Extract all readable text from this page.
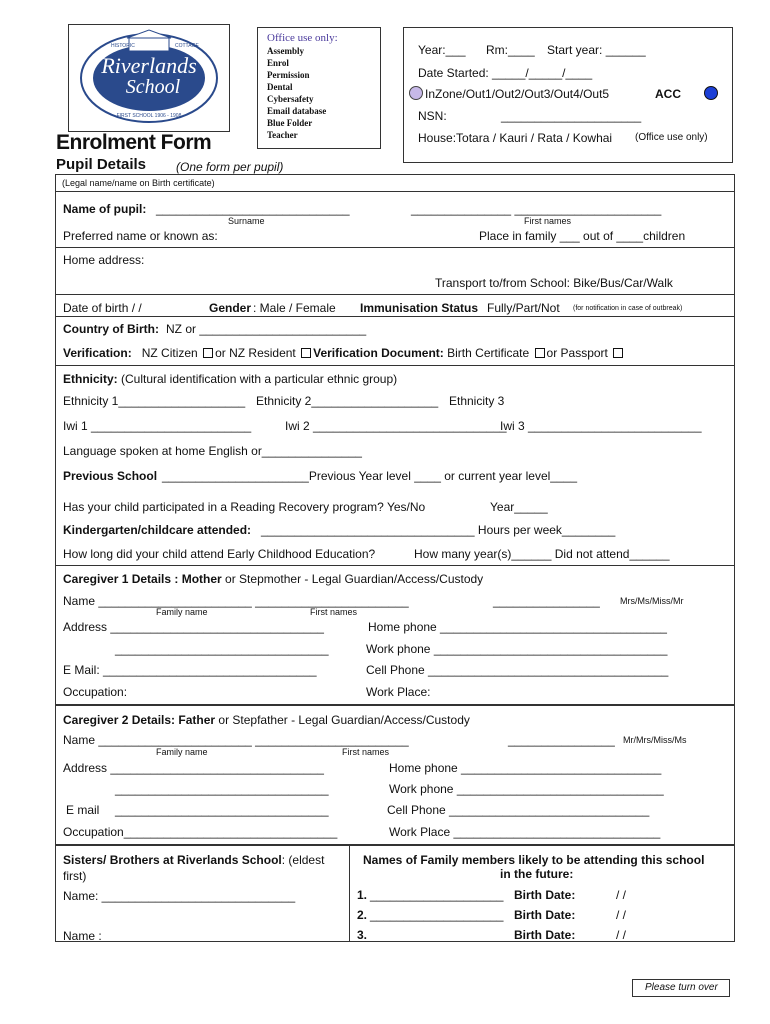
Riverlands
School
FIRST SCHOOL 1906 - 1908
HISTORIC	COTTAGE
Office use only:
Assembly
Enrol
Permission
Dental
Cybersafety
Email database
Blue Folder
Teacher
Year:___ Rm:____ Start year: ______
Date Started: _____/_____/____
InZone/Out1/Out2/Out3/Out4/Out5	ACC
NSN:	_____________________
House:Totara / Kauri / Rata / Kowhai (Office use only)
Enrolment Form
Pupil Details (One form per pupil)
(Legal name/name on Birth certificate)
Name of pupil: _____________________________	_______________ ______________________
Surname	First names
Preferred name or known as:	Place in family ___ out of ____children
Home address:
Transport to/from School: Bike/Bus/Car/Walk
Date of birth / /	Gender : Male / Female Immunisation Status Fully/Part/Not (for notification in case of outbreak)
Country of Birth: NZ or _________________________
Verification: NZ Citizen or NZ Resident Verification Document: Birth Certificate or Passport
Ethnicity: (Cultural identification with a particular ethnic group)
Ethnicity 1___________________ Ethnicity 2___________________ Ethnicity 3
Iwi 1 ________________________	Iwi 2 _____________________________
Iwi 3 __________________________
Language spoken at home English or_______________
Previous School ______________________Previous Year level ____ or current year level____
Has your child participated in a Reading Recovery program? Yes/No	Year_____
Kindergarten/childcare attended: ________________________________ Hours per week________
How long did your child attend Early Childhood Education?	How many year(s)______ Did not attend______
Caregiver 1 Details : Mother or Stepmother - Legal Guardian/Access/Custody
Name _______________________ _______________________	________________ Mrs/Ms/Miss/Mr
Family name	First names
Address ________________________________	Home phone __________________________________
________________________________	Work phone ___________________________________
E Mail: ________________________________	Cell Phone ____________________________________
Occupation:	Work Place:
Caregiver 2 Details: Father or Stepfather - Legal Guardian/Access/Custody
Name _______________________ _______________________	________________ Mr/Mrs/Miss/Ms
Family name	First names
Address ________________________________	Home phone ______________________________
________________________________	Work phone _______________________________
E mail ________________________________	Cell Phone ______________________________
Occupation________________________________	Work Place _______________________________
Sisters/ Brothers at Riverlands School: (eldest
first)
Name: _____________________________
Name :
Names of Family members likely to be attending this school
in the future:
1. ____________________ Birth Date:	/ /
2. ____________________ Birth Date:	/ /
3.	Birth Date:	/ /
Please turn over
